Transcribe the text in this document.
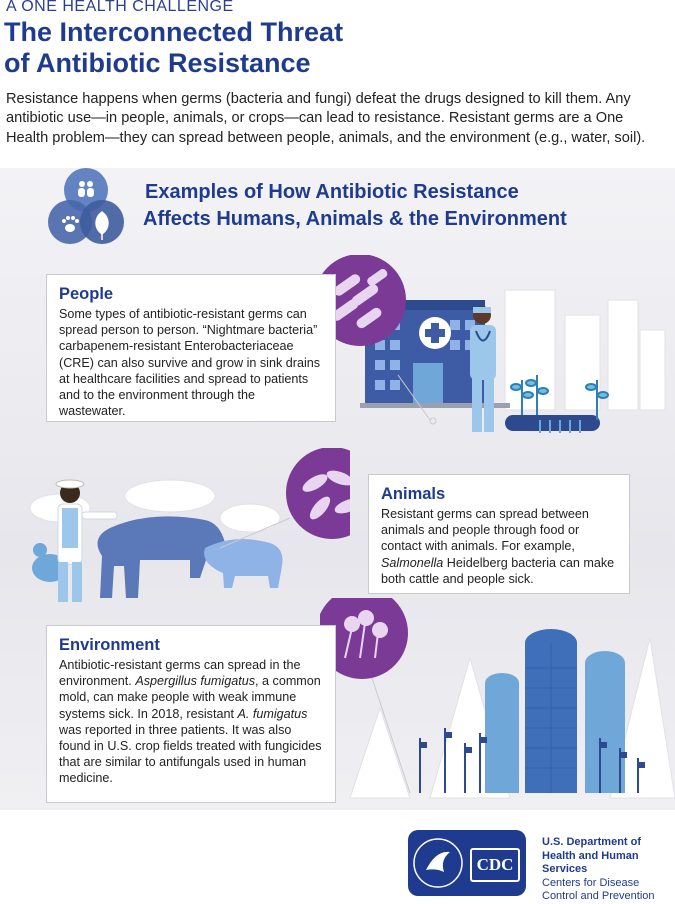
A ONE HEALTH CHALLENGE
The Interconnected Threat
of Antibiotic Resistance
Resistance happens when germs (bacteria and fungi) defeat the drugs designed to kill them. Any antibiotic use—in people, animals, or crops—can lead to resistance. Resistant germs are a One Health problem—they can spread between people, animals, and the environment (e.g., water, soil).
Examples of How Antibiotic Resistance
Affects Humans, Animals & the Environment
People

Some types of antibiotic-resistant germs can spread person to person. “Nightmare bacteria” carbapenem-resistant Enterobacteriaceae (CRE) can also survive and grow in sink drains at healthcare facilities and spread to patients and to the environment through the wastewater.

Animals

Resistant germs can spread between animals and people through food or contact with animals. For example, Salmonella Heidelberg bacteria can make both cattle and people sick.

Environment

Antibiotic-resistant germs can spread in the environment. Aspergillus fumigatus, a common mold, can make people with weak immune systems sick. In 2018, resistant A. fumigatus was reported in three patients. It was also found in U.S. crop fields treated with fungicides that are similar to antifungals used in human medicine.

CDC
U.S. Department of
Health and Human Services
Centers for Disease
Control and Prevention
